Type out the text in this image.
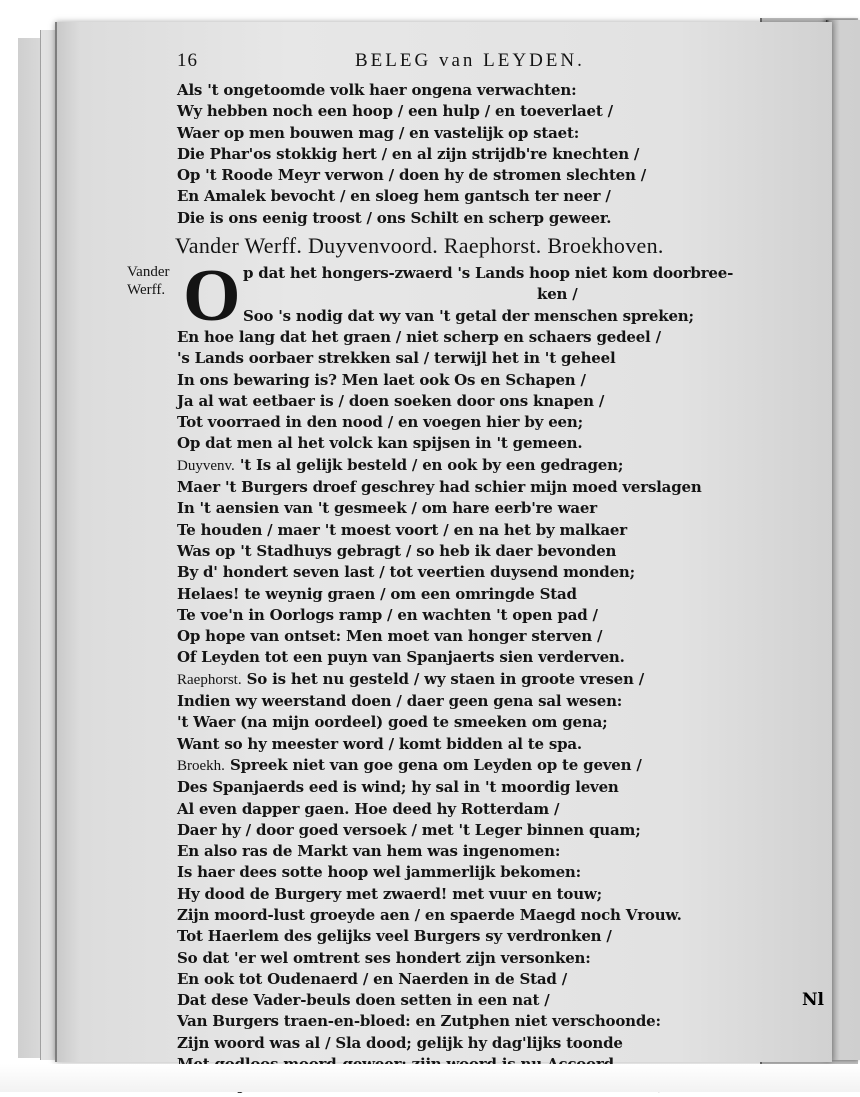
16	BELEG van LEYDEN.
Als 't ongetoomde volk haer ongena verwachten:
Wy hebben noch een hoop / een hulp / en toeverlaet /
Waer op men bouwen mag / en vastelijk op staet:
Die Phar'os stokkig hert / en al zijn strijdb're knechten /
Op 't Roode Meyr verwon / doen hy de stromen slechten /
En Amalek bevocht / en sloeg hem gantsch ter neer /
Die is ons eenig troost / ons Schilt en scherp geweer.
Vander Werff. Duyvenvoord. Raephorst. Broekhoven.
Vander Werff. O p dat het hongers-zwaerd 's Lands hoop niet kom doorbree-
ken /
Soo 's nodig dat wy van 't getal der menschen spreken;
En hoe lang dat het graen / niet scherp en schaers gedeel /
's Lands oorbaer strekken sal / terwijl het in 't geheel
In ons bewaring is? Men laet ook Os en Schapen /
Ja al wat eetbaer is / doen soeken door ons knapen /
Tot voorraed in den nood / en voegen hier by een;
Op dat men al het volck kan spijsen in 't gemeen.
Duyvenv. 't Is al gelijk besteld / en ook by een gedragen;
Maer 't Burgers droef geschrey had schier mijn moed verslagen
In 't aensien van 't gesmeek / om hare eerb're waer
Te houden / maer 't moest voort / en na het by malkaer
Was op 't Stadhuys gebragt / so heb ik daer bevonden
By d' hondert seven last / tot veertien duysend monden;
Helaes! te weynig graen / om een omringde Stad
Te voe'n in Oorlogs ramp / en wachten 't open pad /
Op hope van ontset: Men moet van honger sterven /
Of Leyden tot een puyn van Spanjaerts sien verderven.
Raephorst. So is het nu gesteld / wy staen in groote vresen /
Indien wy weerstand doen / daer geen gena sal wesen:
't Waer (na mijn oordeel) goed te smeeken om gena;
Want so hy meester word / komt bidden al te spa.
Broekh. Spreek niet van goe gena om Leyden op te geven /
Des Spanjaerds eed is wind; hy sal in 't moordig leven
Al even dapper gaen. Hoe deed hy Rotterdam /
Daer hy / door goed versoek / met 't Leger binnen quam;
En also ras de Markt van hem was ingenomen:
Is haer dees sotte hoop wel jammerlijk bekomen:
Hy dood de Burgery met zwaerd! met vuur en touw;
Zijn moord-lust groeyde aen / en spaerde Maegd noch Vrouw.
Tot Haerlem des gelijks veel Burgers sy verdronken /
So dat 'er wel omtrent ses hondert zijn versonken:
En ook tot Oudenaerd / en Naerden in de Stad /
Dat dese Vader-beuls doen setten in een nat /
Van Burgers traen-en-bloed: en Zutphen niet verschoonde:
Zijn woord was al / Sla dood; gelijk hy dag'lijks toonde
Nl
